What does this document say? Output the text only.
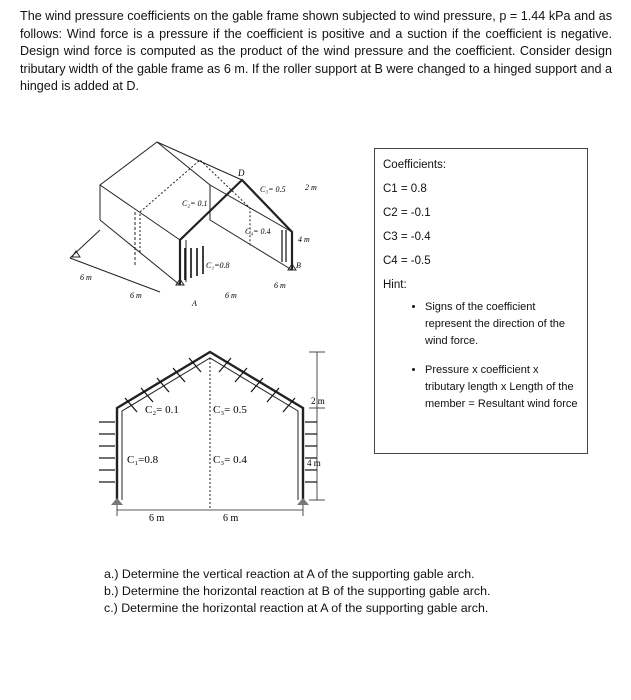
The wind pressure coefficients on the gable frame shown subjected to wind pressure, p = 1.44 kPa and as follows: Wind force is a pressure if the coefficient is positive and a suction if the coefficient is negative. Design wind force is computed as the product of the wind pressure and the coefficient. Consider design tributary width of the gable frame as 6 m. If the roller support at B were changed to a hinged support and a hinged is added at D.
D
A
B
C₂= 0.1
C₃= 0.5
C₄= 0.4
C₁=0.8
2 m
4 m
6 m
6 m	6 m
6 m
C₂= 0.1	C₃= 0.5
C₁=0.8	C₃= 0.4
2 m
4 m
6 m	6 m
Coefficients:
C1 = 0.8
C2 = -0.1
C3 = -0.4
C4 = -0.5
Hint:
• Signs of the coefficient represent the direction of the wind force.
• Pressure x coefficient x tributary length x Length of the member = Resultant wind force
a.) Determine the vertical reaction at A of the supporting gable arch.
b.) Determine the horizontal reaction at B of the supporting gable arch.
c.) Determine the horizontal reaction at A of the supporting gable arch.
